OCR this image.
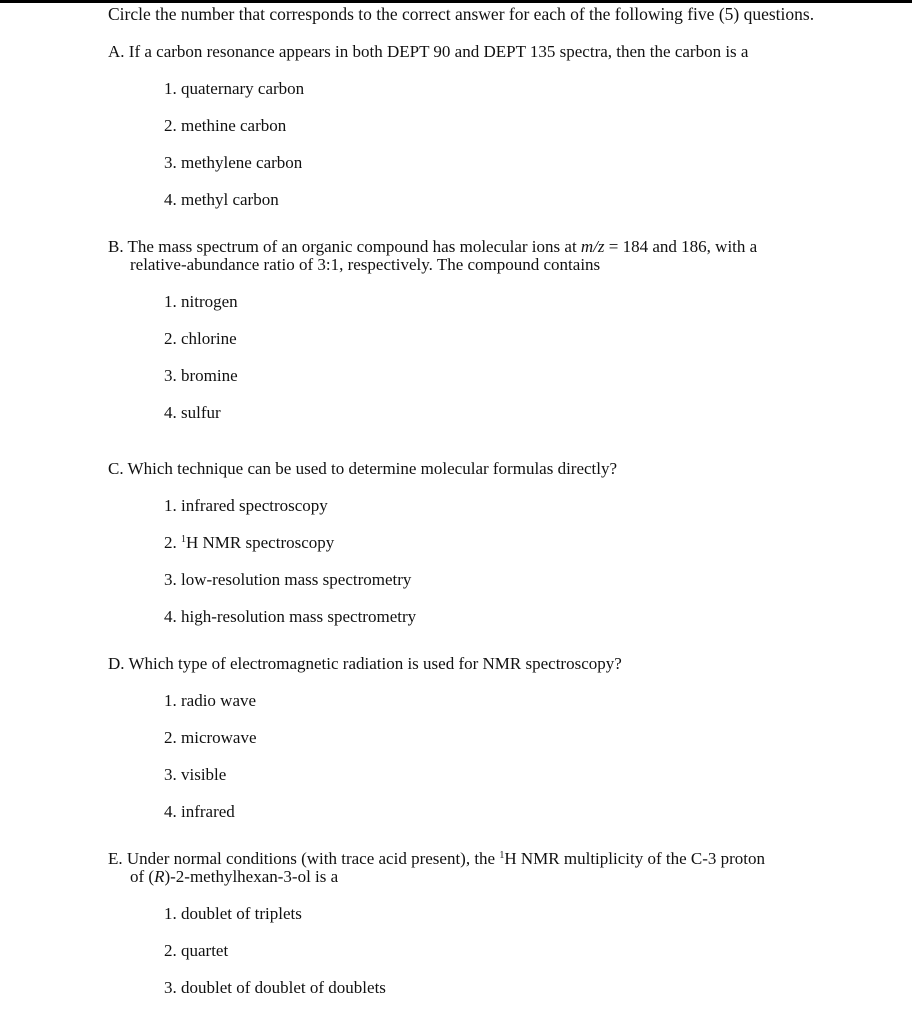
Circle the number that corresponds to the correct answer for each of the following five (5) questions.
A. If a carbon resonance appears in both DEPT 90 and DEPT 135 spectra, then the carbon is a
1. quaternary carbon
2. methine carbon
3. methylene carbon
4. methyl carbon
B. The mass spectrum of an organic compound has molecular ions at m/z = 184 and 186, with a
relative-abundance ratio of 3:1, respectively. The compound contains
1. nitrogen
2. chlorine
3. bromine
4. sulfur
C. Which technique can be used to determine molecular formulas directly?
1. infrared spectroscopy
2. $^1$H NMR spectroscopy
3. low-resolution mass spectrometry
4. high-resolution mass spectrometry
D. Which type of electromagnetic radiation is used for NMR spectroscopy?
1. radio wave
2. microwave
3. visible
4. infrared
E. Under normal conditions (with trace acid present), the $^1$H NMR multiplicity of the C-3 proton
of (R)-2-methylhexan-3-ol is a
1. doublet of triplets
2. quartet
3. doublet of doublet of doublets
